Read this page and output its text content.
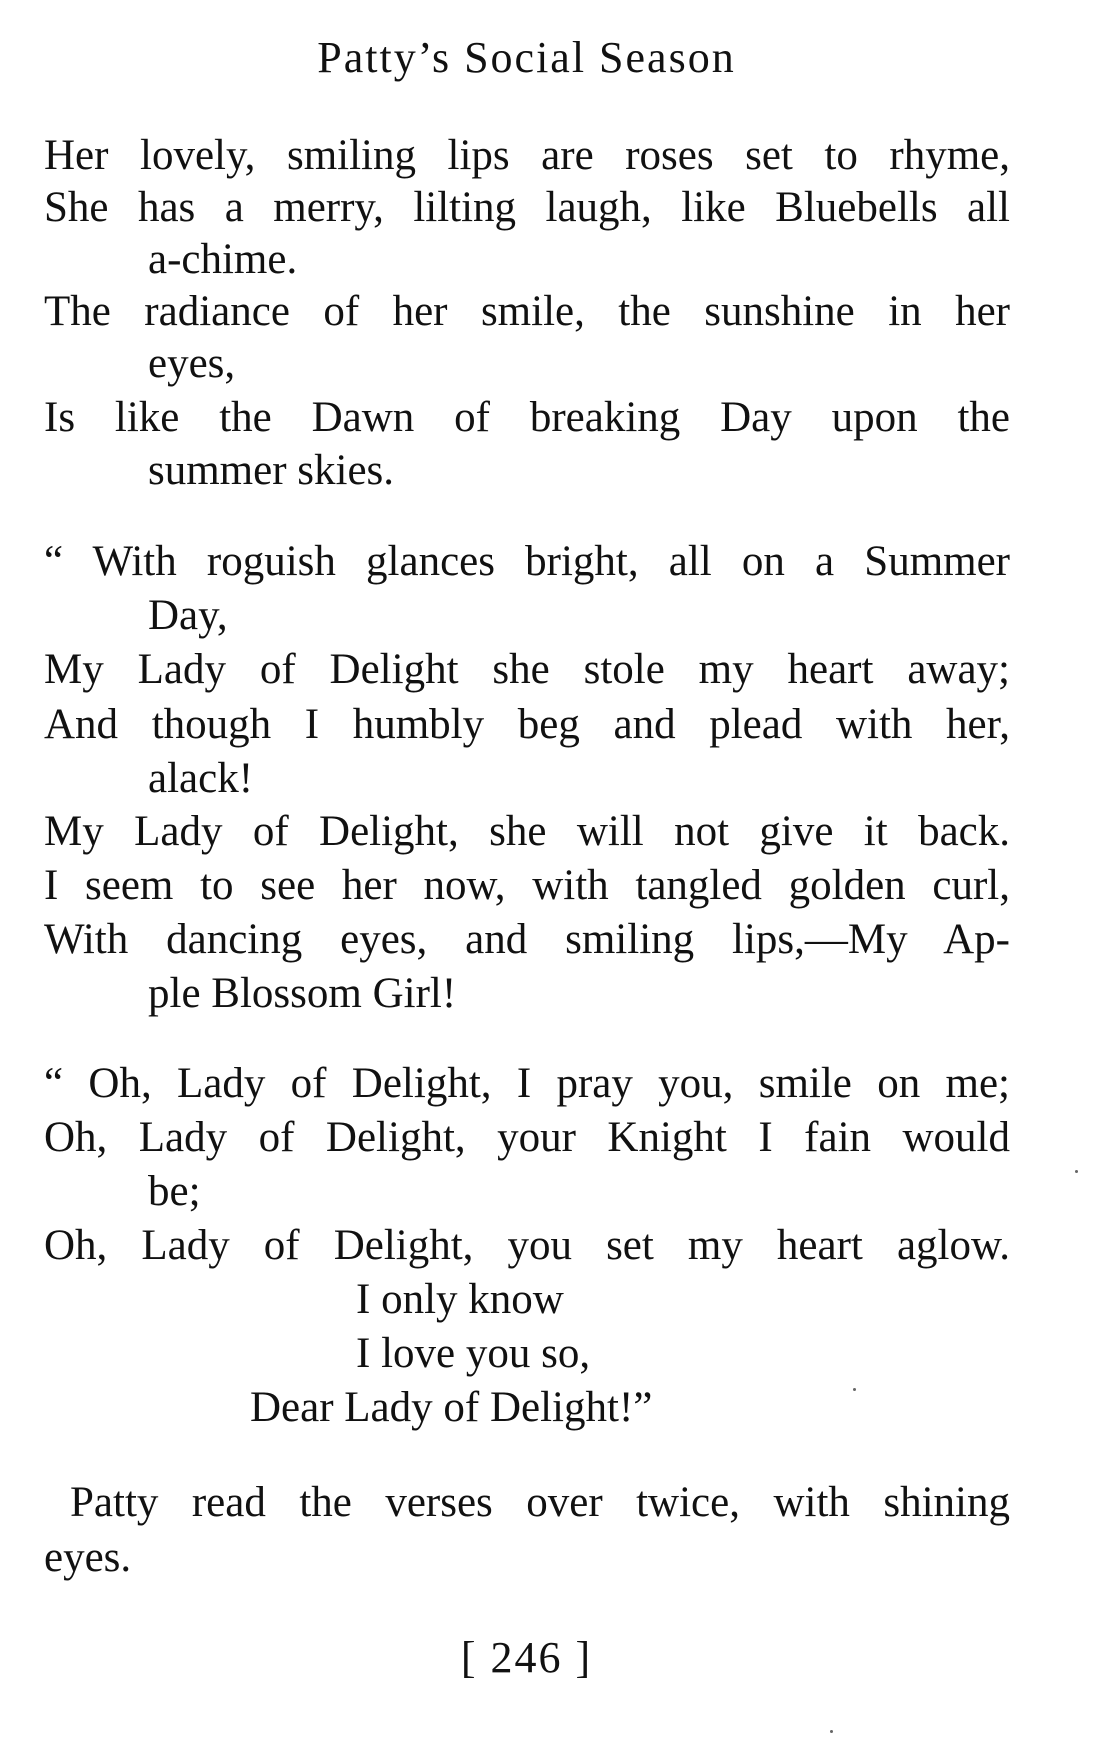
Patty’s Social Season
Her lovely, smiling lips are roses set to rhyme,
She has a merry, lilting laugh, like Bluebells all
a-chime.
The radiance of her smile, the sunshine in her
eyes,
Is like the Dawn of breaking Day upon the
summer skies.
“ With roguish glances bright, all on a Summer
Day,
My Lady of Delight she stole my heart away;
And though I humbly beg and plead with her,
alack!
My Lady of Delight, she will not give it back.
I seem to see her now, with tangled golden curl,
With dancing eyes, and smiling lips,—My Ap-
ple Blossom Girl!
“ Oh, Lady of Delight, I pray you, smile on me;
Oh, Lady of Delight, your Knight I fain would
be;
Oh, Lady of Delight, you set my heart aglow.
I only know
I love you so,
Dear Lady of Delight!”
Patty read the verses over twice, with shining
eyes.
[ 246 ]
